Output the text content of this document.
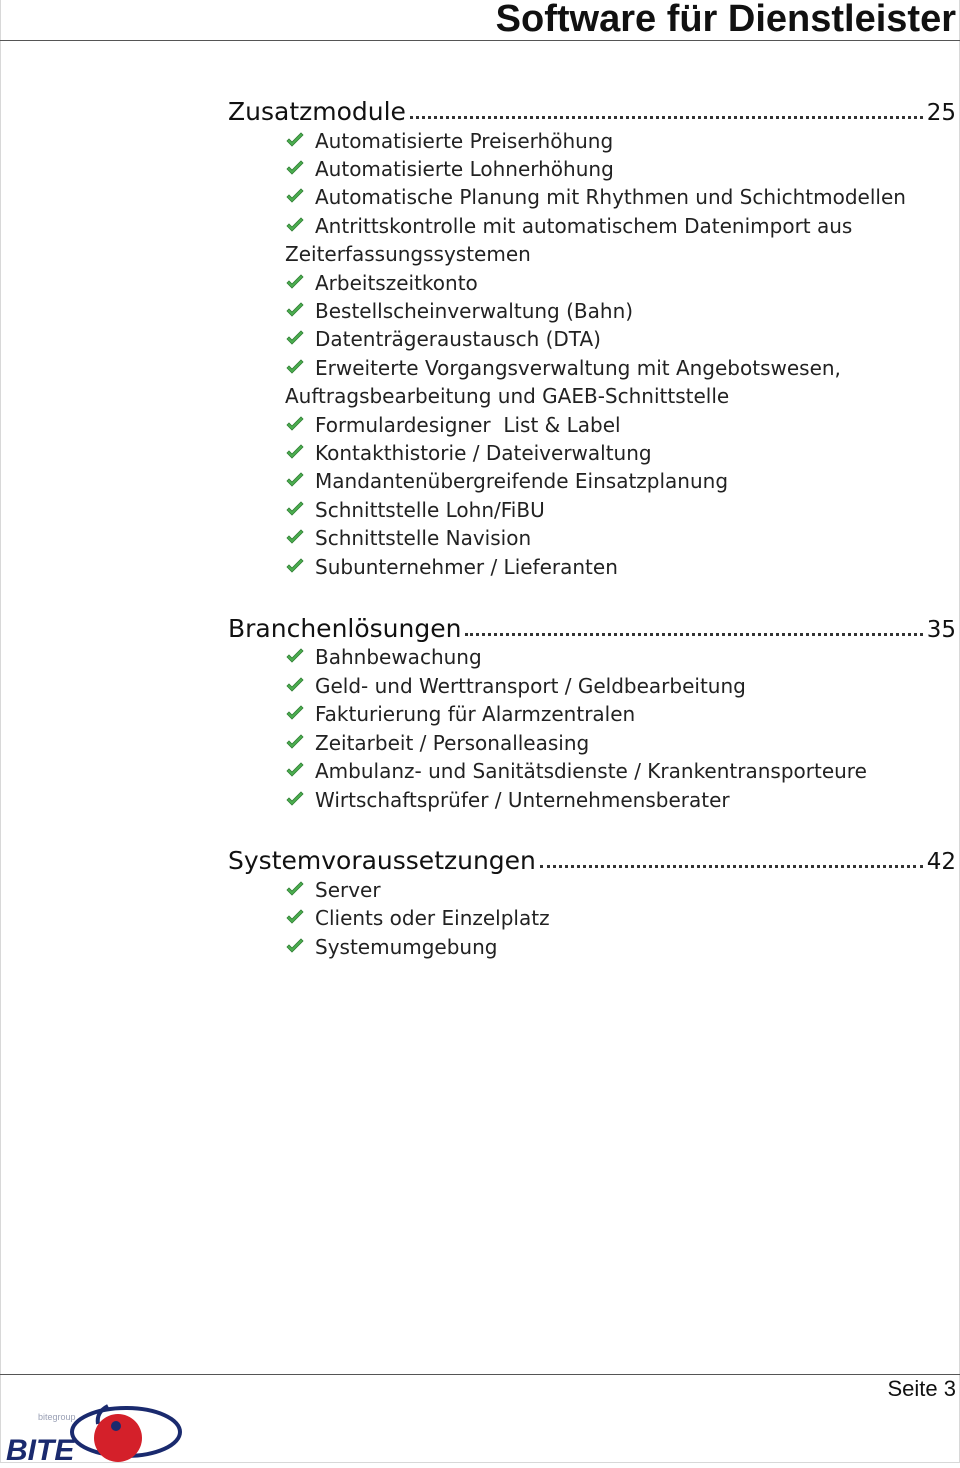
Software für Dienstleister
Zusatzmodule	25
Automatisierte Preiserhöhung
Automatisierte Lohnerhöhung
Automatische Planung mit Rhythmen und Schichtmodellen
Antrittskontrolle mit automatischem Datenimport aus Zeiterfassungssystemen
Arbeitszeitkonto
Bestellscheinverwaltung (Bahn)
Datenträgeraustausch (DTA)
Erweiterte Vorgangsverwaltung mit Angebotswesen, Auftragsbearbeitung und GAEB-Schnittstelle
Formulardesigner  List & Label
Kontakthistorie / Dateiverwaltung
Mandantenübergreifende Einsatzplanung
Schnittstelle Lohn/FiBU
Schnittstelle Navision
Subunternehmer / Lieferanten
Branchenlösungen	35
Bahnbewachung
Geld- und Werttransport / Geldbearbeitung
Fakturierung für Alarmzentralen
Zeitarbeit / Personalleasing
Ambulanz- und Sanitätsdienste / Krankentransporteure
Wirtschaftsprüfer / Unternehmensberater
Systemvoraussetzungen	42
Server
Clients oder Einzelplatz
Systemumgebung
Seite 3
bitegroup
BITE
